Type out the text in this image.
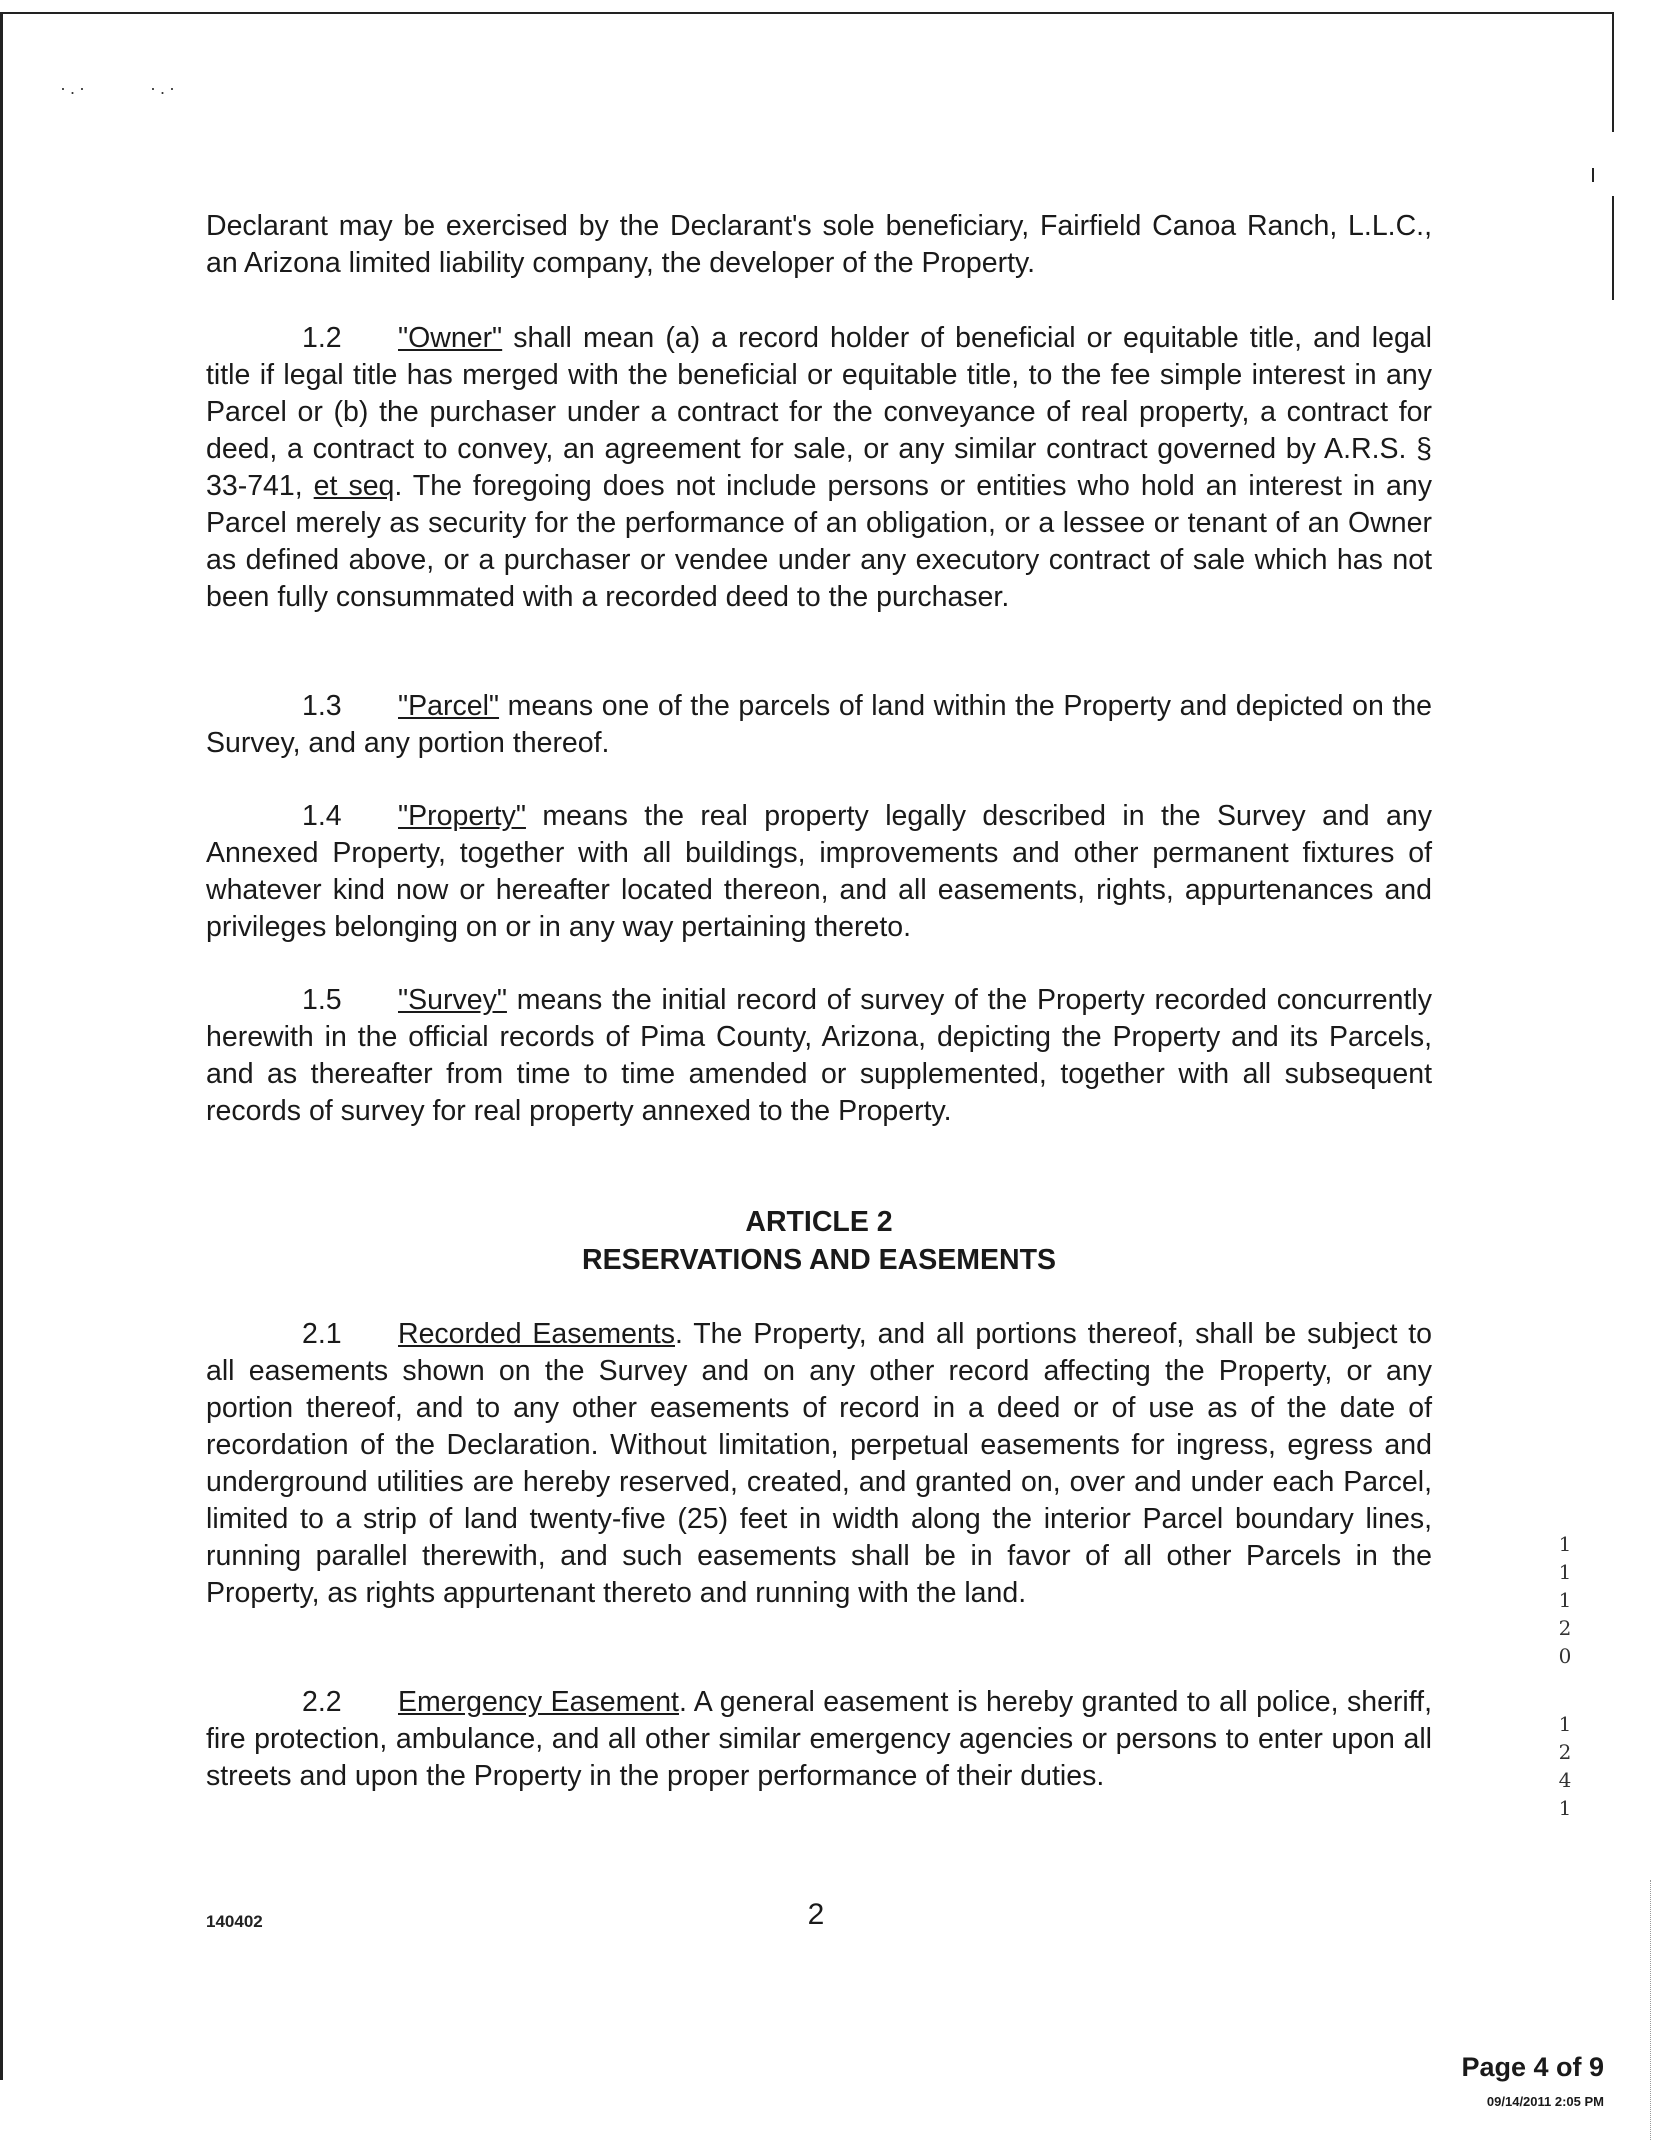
·.·	·.·
Declarant may be exercised by the Declarant's sole beneficiary, Fairfield Canoa Ranch, L.L.C., an Arizona limited liability company, the developer of the Property.
1.2 "Owner" shall mean (a) a record holder of beneficial or equitable title, and legal title if legal title has merged with the beneficial or equitable title, to the fee simple interest in any Parcel or (b) the purchaser under a contract for the conveyance of real property, a contract for deed, a contract to convey, an agreement for sale, or any similar contract governed by A.R.S. § 33-741, et seq. The foregoing does not include persons or entities who hold an interest in any Parcel merely as security for the performance of an obligation, or a lessee or tenant of an Owner as defined above, or a purchaser or vendee under any executory contract of sale which has not been fully consummated with a recorded deed to the purchaser.
1.3 "Parcel" means one of the parcels of land within the Property and depicted on the Survey, and any portion thereof.
1.4 "Property" means the real property legally described in the Survey and any Annexed Property, together with all buildings, improvements and other permanent fixtures of whatever kind now or hereafter located thereon, and all easements, rights, appurtenances and privileges belonging on or in any way pertaining thereto.
1.5 "Survey" means the initial record of survey of the Property recorded concurrently herewith in the official records of Pima County, Arizona, depicting the Property and its Parcels, and as thereafter from time to time amended or supplemented, together with all subsequent records of survey for real property annexed to the Property.
ARTICLE 2
RESERVATIONS AND EASEMENTS
2.1 Recorded Easements. The Property, and all portions thereof, shall be subject to all easements shown on the Survey and on any other record affecting the Property, or any portion thereof, and to any other easements of record in a deed or of use as of the date of recordation of the Declaration. Without limitation, perpetual easements for ingress, egress and underground utilities are hereby reserved, created, and granted on, over and under each Parcel, limited to a strip of land twenty-five (25) feet in width along the interior Parcel boundary lines, running parallel therewith, and such easements shall be in favor of all other Parcels in the Property, as rights appurtenant thereto and running with the land.
2.2 Emergency Easement. A general easement is hereby granted to all police, sheriff, fire protection, ambulance, and all other similar emergency agencies or persons to enter upon all streets and upon the Property in the proper performance of their duties.
1
1
1
2
0
1
2
4
1
140402	2
Page 4 of 9
09/14/2011 2:05 PM
